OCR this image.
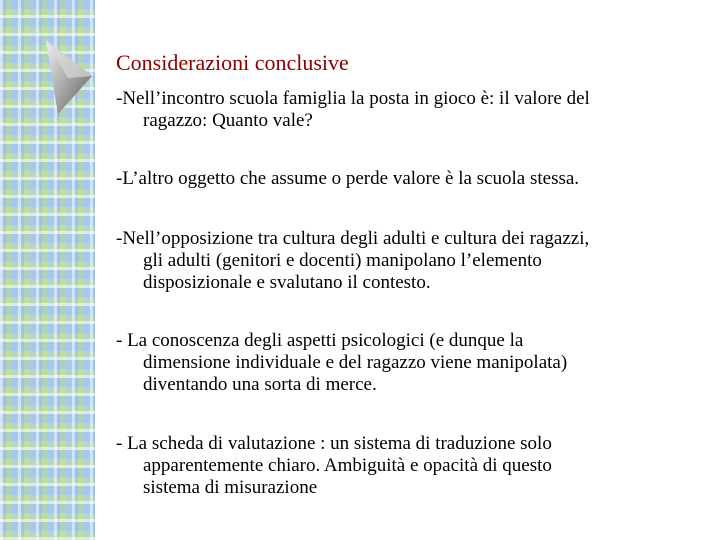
Considerazioni conclusive
-Nell’incontro scuola famiglia la posta in gioco è: il valore del
ragazzo: Quanto vale?
-L’altro oggetto che assume o perde valore è la scuola stessa.
-Nell’opposizione tra cultura degli adulti e cultura dei ragazzi,
gli adulti (genitori e docenti) manipolano l’elemento
disposizionale e svalutano il contesto.
- La conoscenza degli aspetti psicologici (e dunque la
dimensione individuale e del ragazzo viene manipolata)
diventando una sorta di merce.
- La scheda di valutazione : un sistema di traduzione solo
apparentemente chiaro. Ambiguità e opacità di questo
sistema di misurazione
